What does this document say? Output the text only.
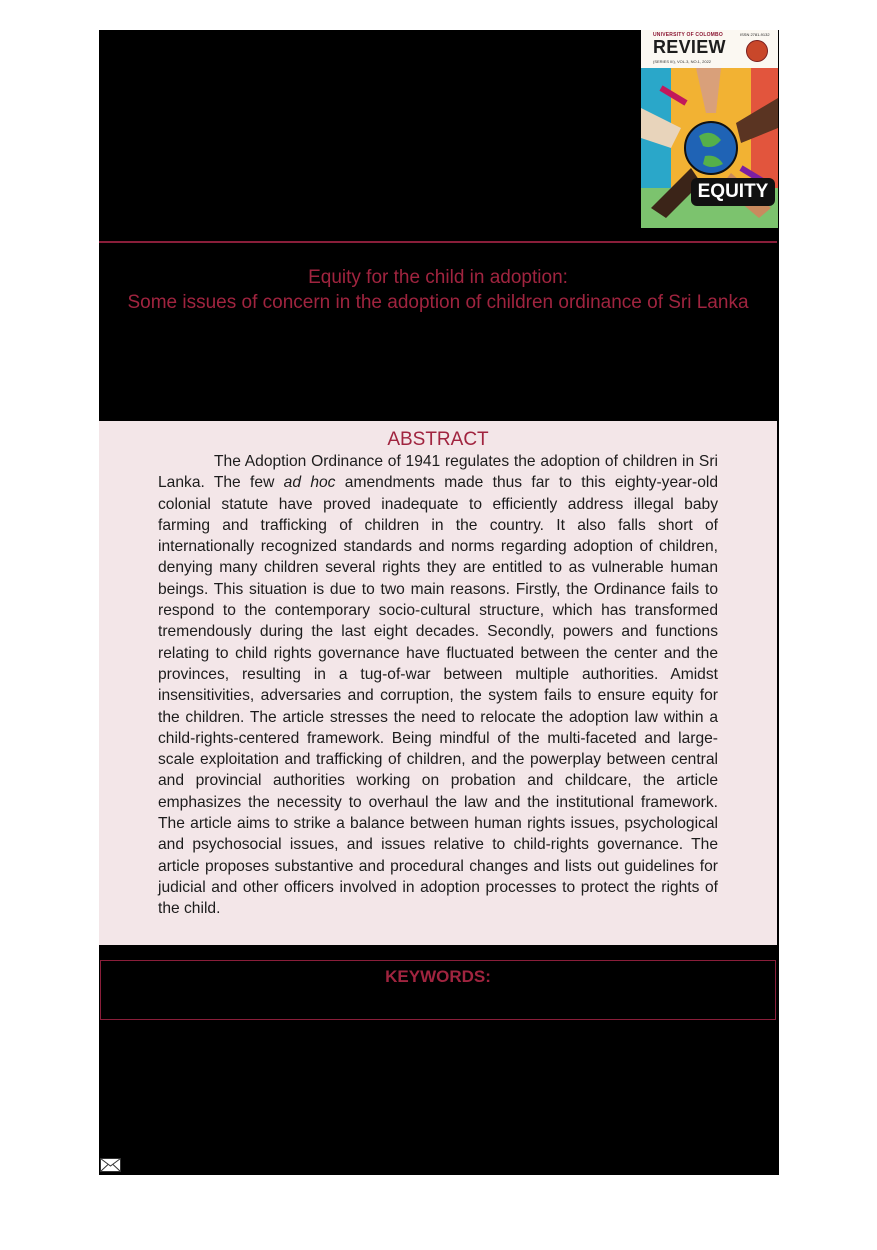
UNIVERSITY OF COLOMBO	ISSN 2781-9132
REVIEW
(SERIES III), VOL.3, NO.1, 2022
EQUITY
Equity for the child in adoption:
Some issues of concern in the adoption of children ordinance of Sri Lanka
ABSTRACT

The Adoption Ordinance of 1941 regulates the adoption of children in Sri Lanka. The few ad hoc amendments made thus far to this eighty-year-old colonial statute have proved inadequate to efficiently address illegal baby farming and trafficking of children in the country. It also falls short of internationally recognized standards and norms regarding adoption of children, denying many children several rights they are entitled to as vulnerable human beings. This situation is due to two main reasons. Firstly, the Ordinance fails to respond to the contemporary socio-cultural structure, which has transformed tremendously during the last eight decades. Secondly, powers and functions relating to child rights governance have fluctuated between the center and the provinces, resulting in a tug-of-war between multiple authorities. Amidst insensitivities, adversaries and corruption, the system fails to ensure equity for the children. The article stresses the need to relocate the adoption law within a child-rights-centered framework. Being mindful of the multi-faceted and large-scale exploitation and trafficking of children, and the powerplay between central and provincial authorities working on probation and childcare, the article emphasizes the necessity to overhaul the law and the institutional framework. The article aims to strike a balance between human rights issues, psychological and psychosocial issues, and issues relative to child-rights governance. The article proposes substantive and procedural changes and lists out guidelines for judicial and other officers involved in adoption processes to protect the rights of the child.

KEYWORDS:
